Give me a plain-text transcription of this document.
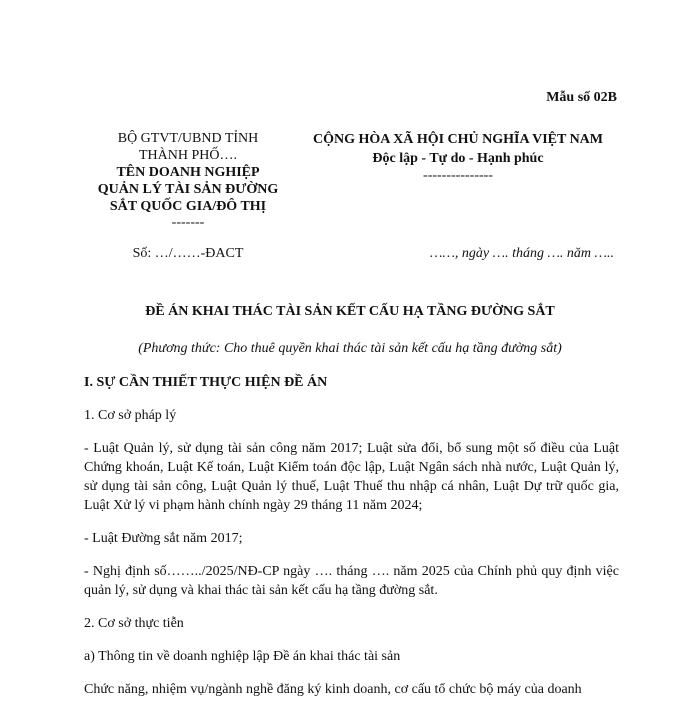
Mẫu số 02B
BỘ GTVT/UBND TỈNH
THÀNH PHỐ….
TÊN DOANH NGHIỆP
QUẢN LÝ TÀI SẢN ĐƯỜNG
SẮT QUỐC GIA/ĐÔ THỊ
-------
CỘNG HÒA XÃ HỘI CHỦ NGHĨA VIỆT NAM
Độc lập - Tự do - Hạnh phúc
---------------
Số: …/……-ĐACT	……, ngày …. tháng …. năm …..
ĐỀ ÁN KHAI THÁC TÀI SẢN KẾT CẤU HẠ TẦNG ĐƯỜNG SẮT
(Phương thức: Cho thuê quyền khai thác tài sản kết cấu hạ tầng đường sắt)
I. SỰ CẦN THIẾT THỰC HIỆN ĐỀ ÁN
1. Cơ sở pháp lý
- Luật Quản lý, sử dụng tài sản công năm 2017; Luật sửa đổi, bổ sung một số điều của Luật Chứng khoán, Luật Kế toán, Luật Kiểm toán độc lập, Luật Ngân sách nhà nước, Luật Quản lý, sử dụng tài sản công, Luật Quản lý thuế, Luật Thuế thu nhập cá nhân, Luật Dự trữ quốc gia, Luật Xử lý vi phạm hành chính ngày 29 tháng 11 năm 2024;
- Luật Đường sắt năm 2017;
- Nghị định số……../2025/NĐ-CP ngày …. tháng …. năm 2025 của Chính phủ quy định việc quản lý, sử dụng và khai thác tài sản kết cấu hạ tầng đường sắt.
2. Cơ sở thực tiễn
a) Thông tin về doanh nghiệp lập Đề án khai thác tài sản
Chức năng, nhiệm vụ/ngành nghề đăng ký kinh doanh, cơ cấu tổ chức bộ máy của doanh
